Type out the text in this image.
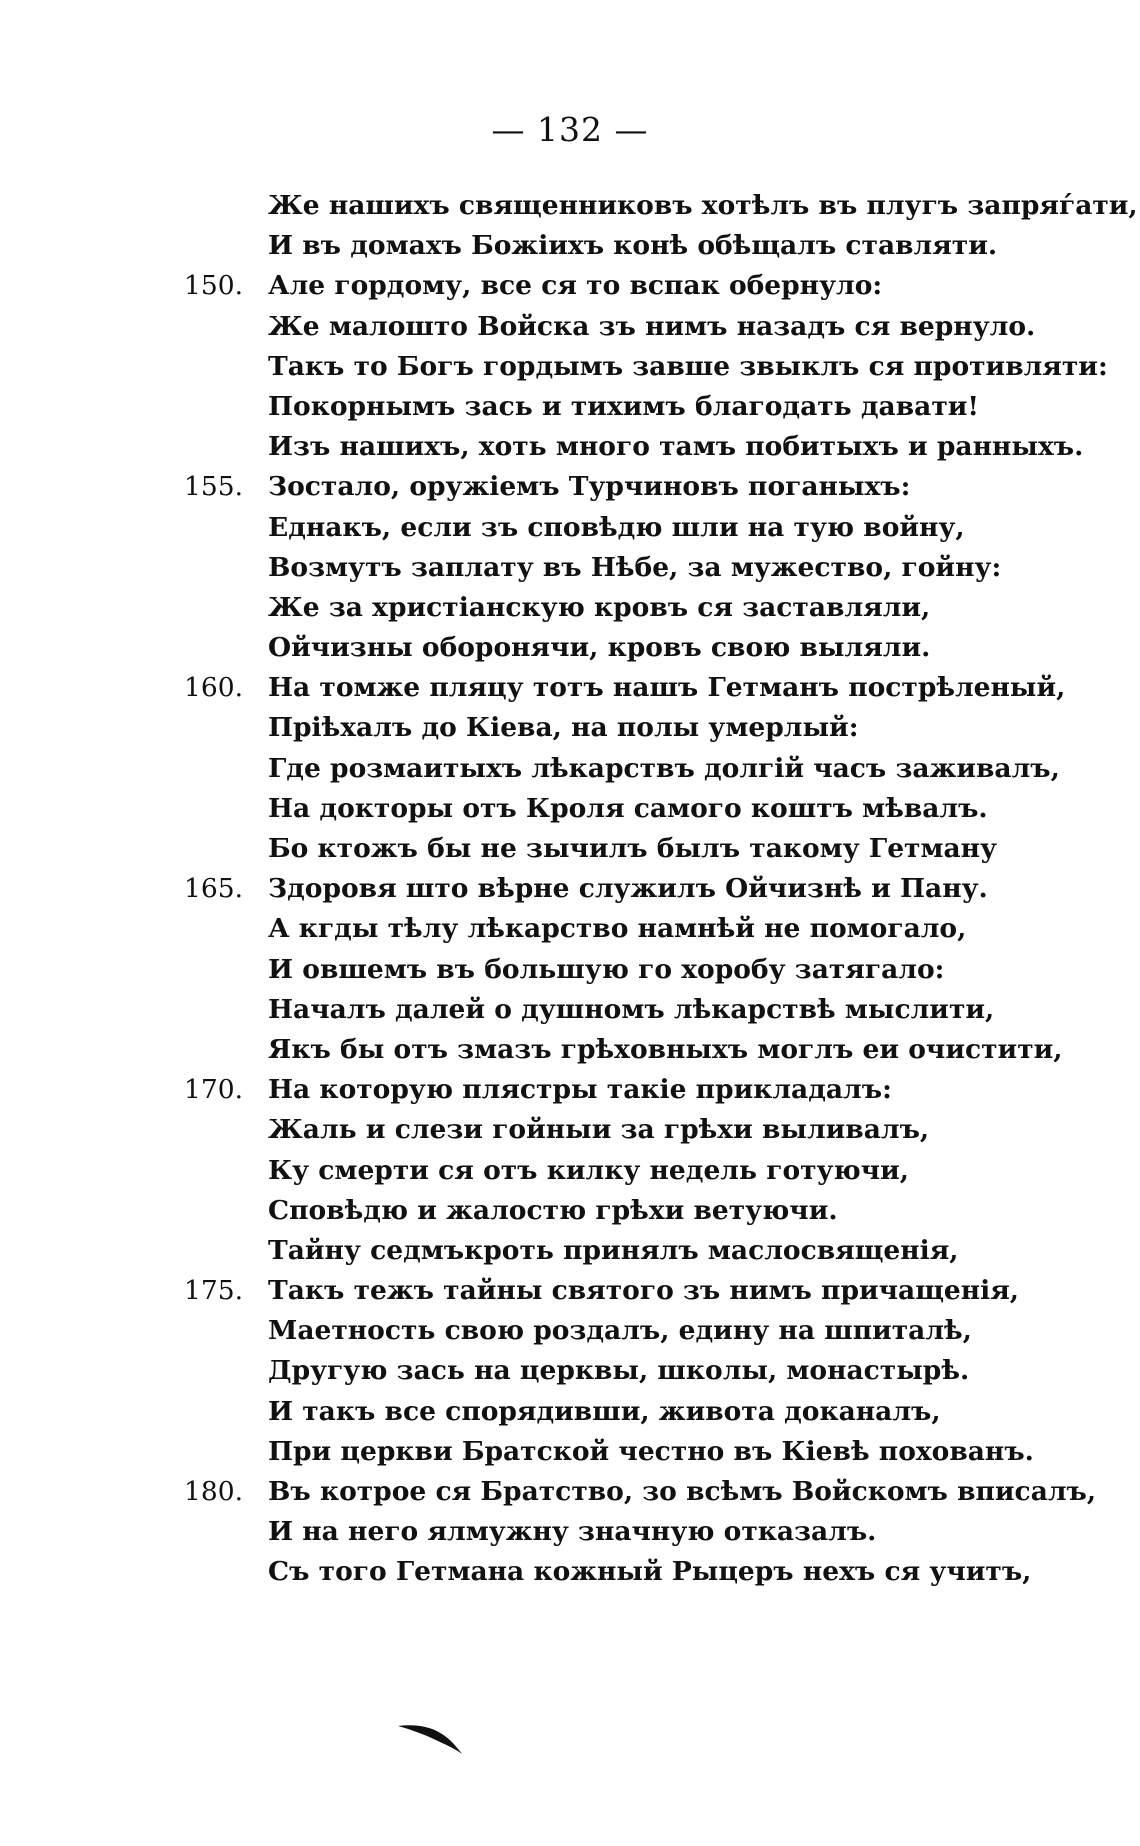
— 132 —
Же нашихъ священниковъ хотѣлъ въ плугъ запряѓати,
И въ домахъ Божіихъ конѣ обѣщалъ ставляти.
150. Але гордому, все ся то вспак обернуло:
Же малошто Войска зъ нимъ назадъ ся вернуло.
Такъ то Богъ гордымъ завше звыклъ ся противляти:
Покорнымъ зась и тихимъ благодать давати!
Изъ нашихъ, хоть много тамъ побитыхъ и ранныхъ.
155. Зостало, оружіемъ Турчиновъ поганыхъ:
Еднакъ, если зъ сповѣдю шли на тую войну,
Возмутъ заплату въ Нѣбе, за мужество, гойну:
Же за христіанскую кровъ ся заставляли,
Ойчизны оборонячи, кровъ свою выляли.
160. На томже пляцу тотъ нашъ Гетманъ пострѣленый,
Пріѣхалъ до Кіева, на полы умерлый:
Где розмаитыхъ лѣкарствъ долгій часъ заживалъ,
На докторы отъ Кроля самого коштъ мѣвалъ.
Бо ктожъ бы не зычилъ былъ такому Гетману
165. Здоровя што вѣрне служилъ Ойчизнѣ и Пану.
А кгды тѣлу лѣкарство намнѣй не помогало,
И овшемъ въ большую го хоробу затягало:
Началъ далей о душномъ лѣкарствѣ мыслити,
Якъ бы отъ змазъ грѣховныхъ моглъ еи очистити,
170. На которую плястры такіе прикладалъ:
Жаль и слези гойныи за грѣхи выливалъ,
Ку смерти ся отъ килку недель готуючи,
Сповѣдю и жалостю грѣхи ветуючи.
Тайну седмъкроть принялъ маслосвященія,
175. Такъ тежъ тайны святого зъ нимъ причащенія,
Маетность свою роздалъ, едину на шпиталѣ,
Другую зась на церквы, школы, монастырѣ.
И такъ все спорядивши, живота доканалъ,
При церкви Братской честно въ Кіевѣ похованъ.
180. Въ котрое ся Братство, зо всѣмъ Войскомъ вписалъ,
И на него ялмужну значную отказалъ.
Съ того Гетмана кожный Рыцеръ нехъ ся учитъ,
